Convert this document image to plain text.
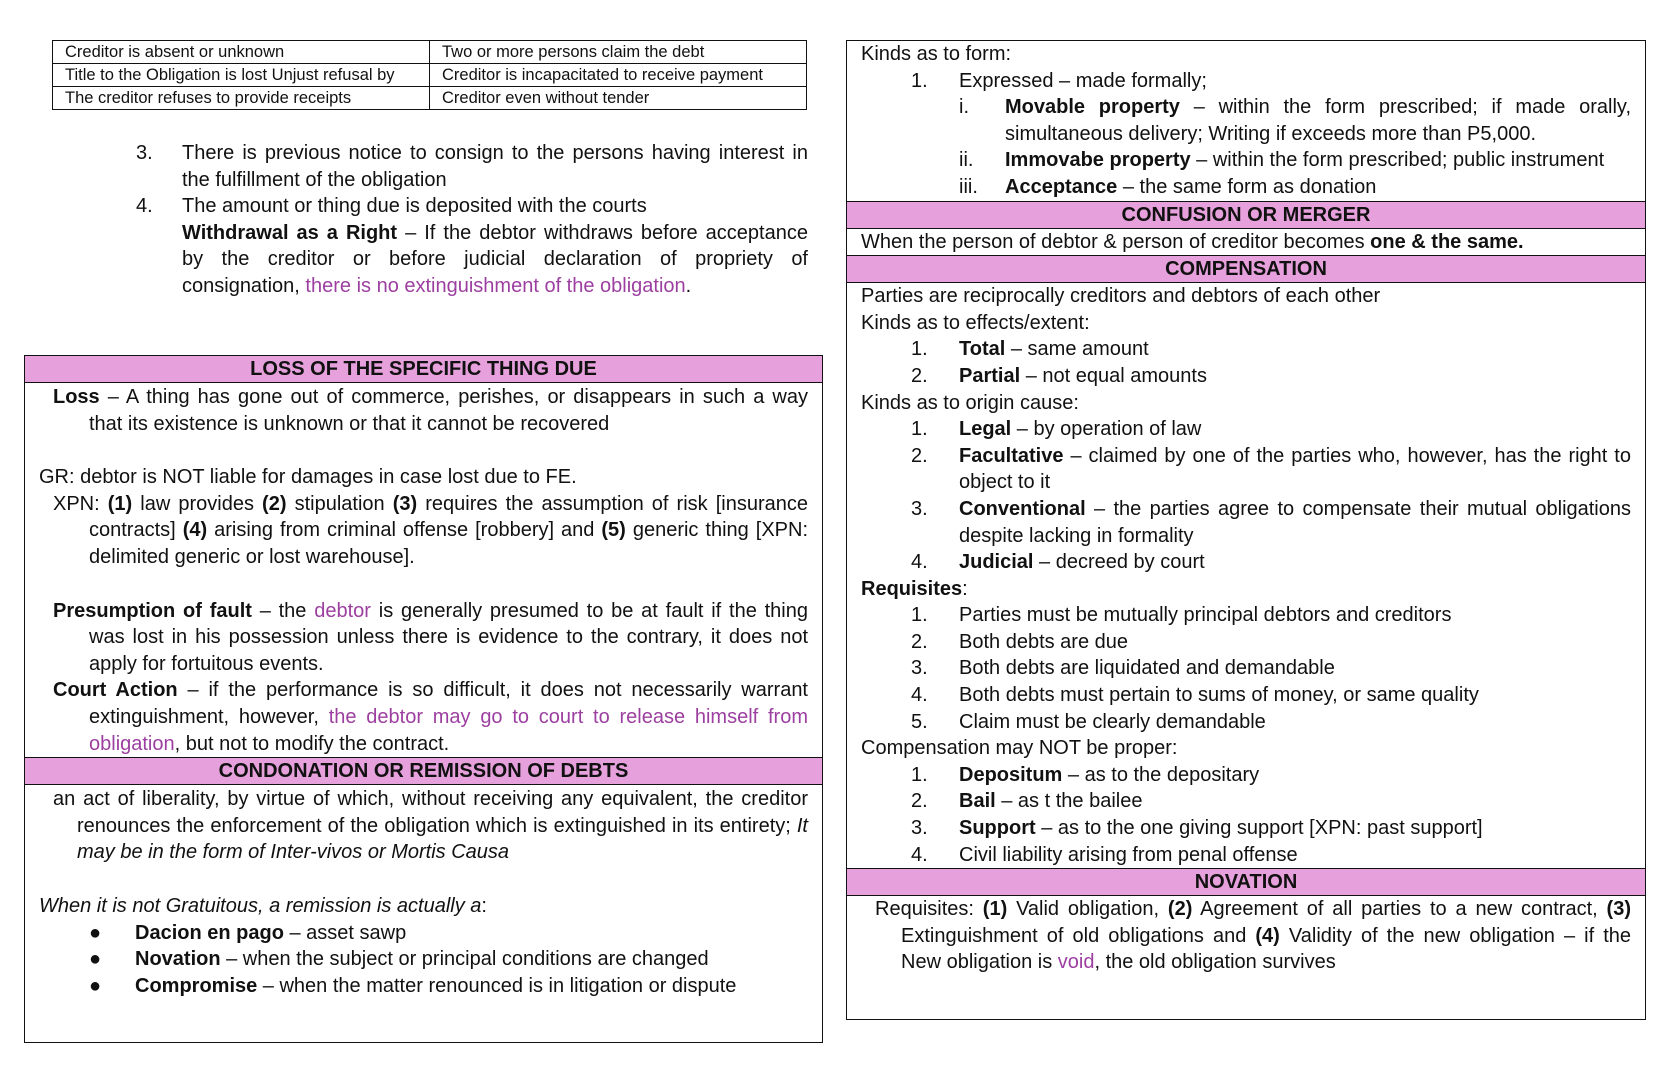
Creditor is absent or unknown	Two or more persons claim the debt
Title to the Obligation is lost Unjust refusal by	Creditor is incapacitated to receive payment
The creditor refuses to provide receipts	Creditor even without tender
3.	There is previous notice to consign to the persons having interest in the fulfillment of the obligation
4.	The amount or thing due is deposited with the courts
Withdrawal as a Right – If the debtor withdraws before acceptance by the creditor or before judicial declaration of propriety of consignation, there is no extinguishment of the obligation.
LOSS OF THE SPECIFIC THING DUE
Loss – A thing has gone out of commerce, perishes, or disappears in such a way that its existence is unknown or that it cannot be recovered
GR: debtor is NOT liable for damages in case lost due to FE.
XPN: (1) law provides (2) stipulation (3) requires the assumption of risk [insurance contracts] (4) arising from criminal offense [robbery] and (5) generic thing [XPN: delimited generic or lost warehouse].
Presumption of fault – the debtor is generally presumed to be at fault if the thing was lost in his possession unless there is evidence to the contrary, it does not apply for fortuitous events.
Court Action – if the performance is so difficult, it does not necessarily warrant extinguishment, however, the debtor may go to court to release himself from obligation, but not to modify the contract.
CONDONATION OR REMISSION OF DEBTS
an act of liberality, by virtue of which, without receiving any equivalent, the creditor renounces the enforcement of the obligation which is extinguished in its entirety; It may be in the form of Inter-vivos or Mortis Causa
When it is not Gratuitous, a remission is actually a:
●	Dacion en pago – asset sawp
●	Novation – when the subject or principal conditions are changed
●	Compromise – when the matter renounced is in litigation or dispute
Kinds as to form:
1.	Expressed – made formally;
i.	Movable property – within the form prescribed; if made orally, simultaneous delivery; Writing if exceeds more than P5,000.
ii.	Immovabe property – within the form prescribed; public instrument
iii.	Acceptance – the same form as donation
CONFUSION OR MERGER
When the person of debtor & person of creditor becomes one & the same.
COMPENSATION
Parties are reciprocally creditors and debtors of each other
Kinds as to effects/extent:
1.	Total – same amount
2.	Partial – not equal amounts
Kinds as to origin cause:
1.	Legal – by operation of law
2.	Facultative – claimed by one of the parties who, however, has the right to object to it
3.	Conventional – the parties agree to compensate their mutual obligations despite lacking in formality
4.	Judicial – decreed by court
Requisites:
1.	Parties must be mutually principal debtors and creditors
2.	Both debts are due
3.	Both debts are liquidated and demandable
4.	Both debts must pertain to sums of money, or same quality
5.	Claim must be clearly demandable
Compensation may NOT be proper:
1.	Depositum – as to the depositary
2.	Bail – as t the bailee
3.	Support – as to the one giving support [XPN: past support]
4.	Civil liability arising from penal offense
NOVATION
Requisites: (1) Valid obligation, (2) Agreement of all parties to a new contract, (3) Extinguishment of old obligations and (4) Validity of the new obligation – if the New obligation is void, the old obligation survives
